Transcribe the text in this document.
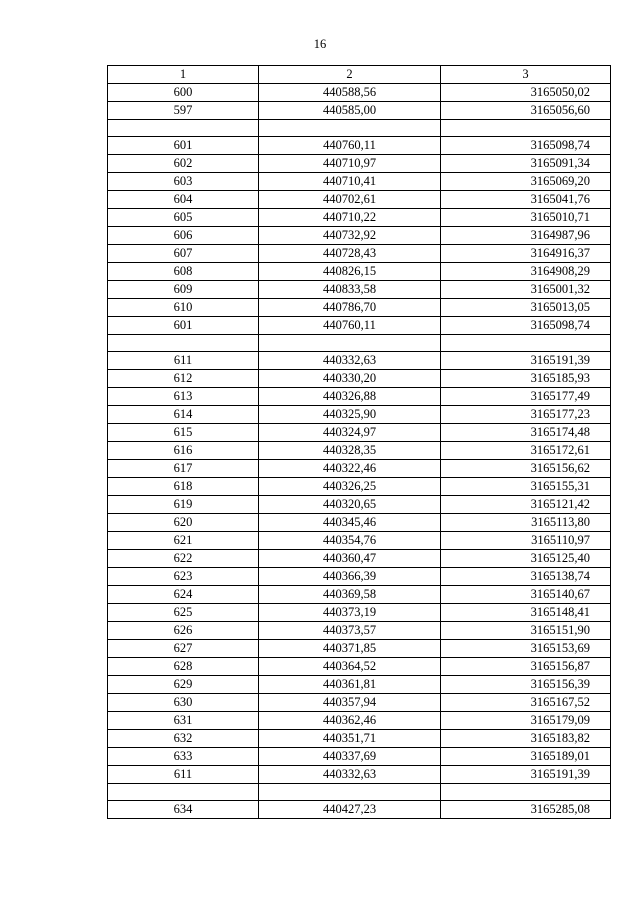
16
1	2	3
600	440588,56	3165050,02
597	440585,00	3165056,60

601	440760,11	3165098,74
602	440710,97	3165091,34
603	440710,41	3165069,20
604	440702,61	3165041,76
605	440710,22	3165010,71
606	440732,92	3164987,96
607	440728,43	3164916,37
608	440826,15	3164908,29
609	440833,58	3165001,32
610	440786,70	3165013,05
601	440760,11	3165098,74

611	440332,63	3165191,39
612	440330,20	3165185,93
613	440326,88	3165177,49
614	440325,90	3165177,23
615	440324,97	3165174,48
616	440328,35	3165172,61
617	440322,46	3165156,62
618	440326,25	3165155,31
619	440320,65	3165121,42
620	440345,46	3165113,80
621	440354,76	3165110,97
622	440360,47	3165125,40
623	440366,39	3165138,74
624	440369,58	3165140,67
625	440373,19	3165148,41
626	440373,57	3165151,90
627	440371,85	3165153,69
628	440364,52	3165156,87
629	440361,81	3165156,39
630	440357,94	3165167,52
631	440362,46	3165179,09
632	440351,71	3165183,82
633	440337,69	3165189,01
611	440332,63	3165191,39

634	440427,23	3165285,08
